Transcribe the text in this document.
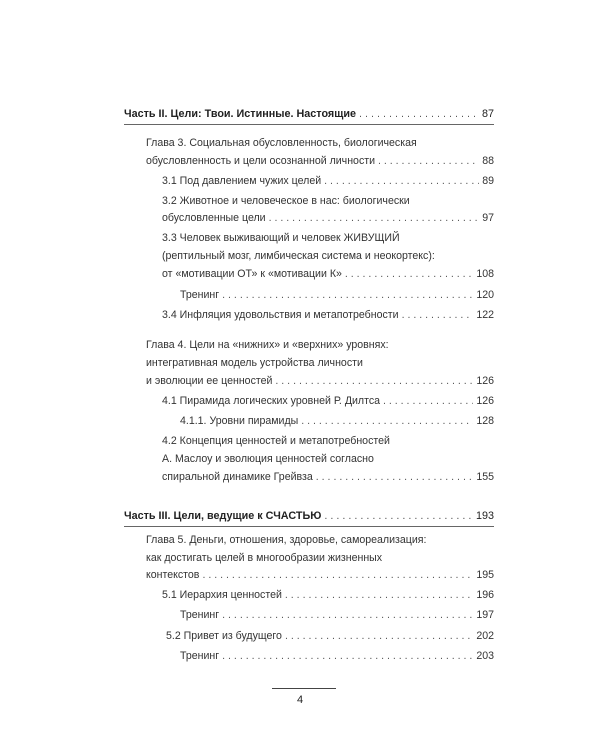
Часть II. Цели: Твои. Истинные. Настоящие . . .	87
Глава 3. Социальная обусловленность, биологическая
обусловленность и цели осознанной личности . . .	88
3.1 Под давлением чужих целей . . .	89
3.2 Животное и человеческое в нас: биологически
обусловленные цели . . .	97
3.3 Человек выживающий и человек ЖИВУЩИЙ
(рептильный мозг, лимбическая система и неокортекс):
от «мотивации ОТ» к «мотивации К» . . .	108
Тренинг . . .	120
3.4 Инфляция удовольствия и метапотребности . . .	122
Глава 4. Цели на «нижних» и «верхних» уровнях:
интегративная модель устройства личности
и эволюции ее ценностей . . .	126
4.1 Пирамида логических уровней Р. Дилтса . . .	126
4.1.1. Уровни пирамиды . . .	128
4.2 Концепция ценностей и метапотребностей
А. Маслоу и эволюция ценностей согласно
спиральной динамике Грейвза . . .	155
Часть III. Цели, ведущие к СЧАСТЬЮ . . .	193
Глава 5. Деньги, отношения, здоровье, самореализация:
как достигать целей в многообразии жизненных
контекстов . . .	195
5.1 Иерархия ценностей . . .	196
Тренинг . . .	197
5.2 Привет из будущего . . .	202
Тренинг . . .	203
4
